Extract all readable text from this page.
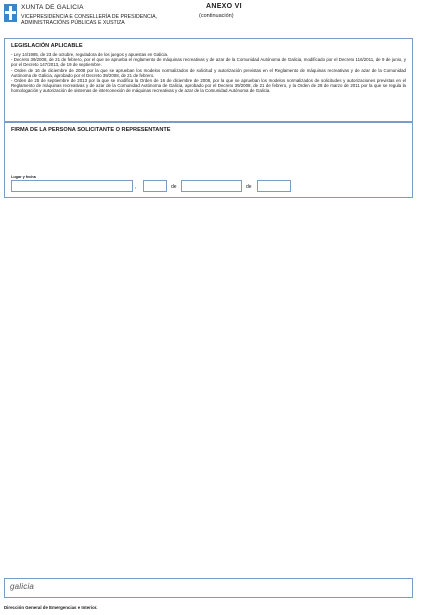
XUNTA DE GALICIA
VICEPRESIDENCIA E CONSELLERÍA DE PRESIDENCIA,
ADMINISTRACIÓNS PÚBLICAS E XUSTIZA
ANEXO VI
(continuación)
LEGISLACIÓN APLICABLE
- Ley 14/1985, de 23 de octubre, reguladora de los juegos y apuestas en Galicia.
- Decreto 39/2008, de 21 de febrero, por el que se aprueba el reglamento de máquinas recreativas y de azar de la Comunidad Autónoma de Galicia, modificado por el Decreto 116/2011, de 9 de junio, y por el Decreto 147/2013, de 19 de septiembre.
- Orden de 16 de diciembre de 2008 por la que se aprueban los modelos normalizados de solicitud y autorización previstas en el Reglamento de máquinas recreativas y de azar de la Comunidad Autónoma de Galicia, aprobado por el Decreto 39/2008, de 21 de febrero.
- Orden de 25 de septiembre de 2013 por la que se modifica la Orden de 16 de diciembre de 2008, por la que se aprueban los modelos normalizados de solicitudes y autorizaciones previstas en el Reglamento de máquinas recreativas y de azar de la Comunidad Autónoma de Galicia, aprobado por el Decreto 39/2008, de 21 de febrero, y la Orden de 28 de marzo de 2011 por la que se regula la homologación y autorización de sistemas de interconexión de máquinas recreativas y de azar de la Comunidad Autónoma de Galicia.
FIRMA DE LA PERSONA SOLICITANTE O REPRESENTANTE
Lugar y fecha
,	de	de
galicia
Dirección General de Emergencias e Interior.
